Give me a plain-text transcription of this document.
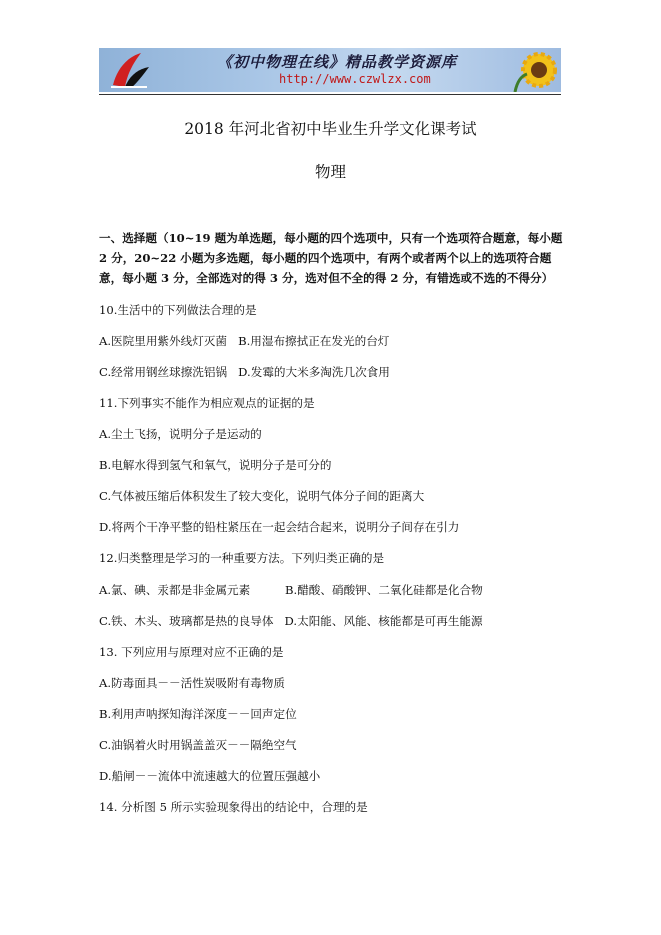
《初中物理在线》精品教学资源库
http://www.czwlzx.com
2018 年河北省初中毕业生升学文化课考试
物理
一、选择题（10~19 题为单选题，每小题的四个选项中，只有一个选项符合题意，每小题 2 分，20~22 小题为多选题，每小题的四个选项中，有两个或者两个以上的选项符合题意，每小题 3 分，全部选对的得 3 分，选对但不全的得 2 分，有错选或不选的不得分）
10.生活中的下列做法合理的是
A.医院里用紫外线灯灭菌 B.用湿布擦拭正在发光的台灯
C.经常用钢丝球擦洗铝锅 D.发霉的大米多淘洗几次食用
11.下列事实不能作为相应观点的证据的是
A.尘土飞扬，说明分子是运动的
B.电解水得到氢气和氧气，说明分子是可分的
C.气体被压缩后体积发生了较大变化，说明气体分子间的距离大
D.将两个干净平整的铅柱紧压在一起会结合起来，说明分子间存在引力
12.归类整理是学习的一种重要方法。下列归类正确的是
A.氯、碘、汞都是非金属元素	B.醋酸、硝酸钾、二氧化硅都是化合物
C.铁、木头、玻璃都是热的良导体 D.太阳能、风能、核能都是可再生能源
13. 下列应用与原理对应不正确的是
A.防毒面具－－活性炭吸附有毒物质
B.利用声呐探知海洋深度－－回声定位
C.油锅着火时用锅盖盖灭－－隔绝空气
D.船闸－－流体中流速越大的位置压强越小
14. 分析图 5 所示实验现象得出的结论中，合理的是
